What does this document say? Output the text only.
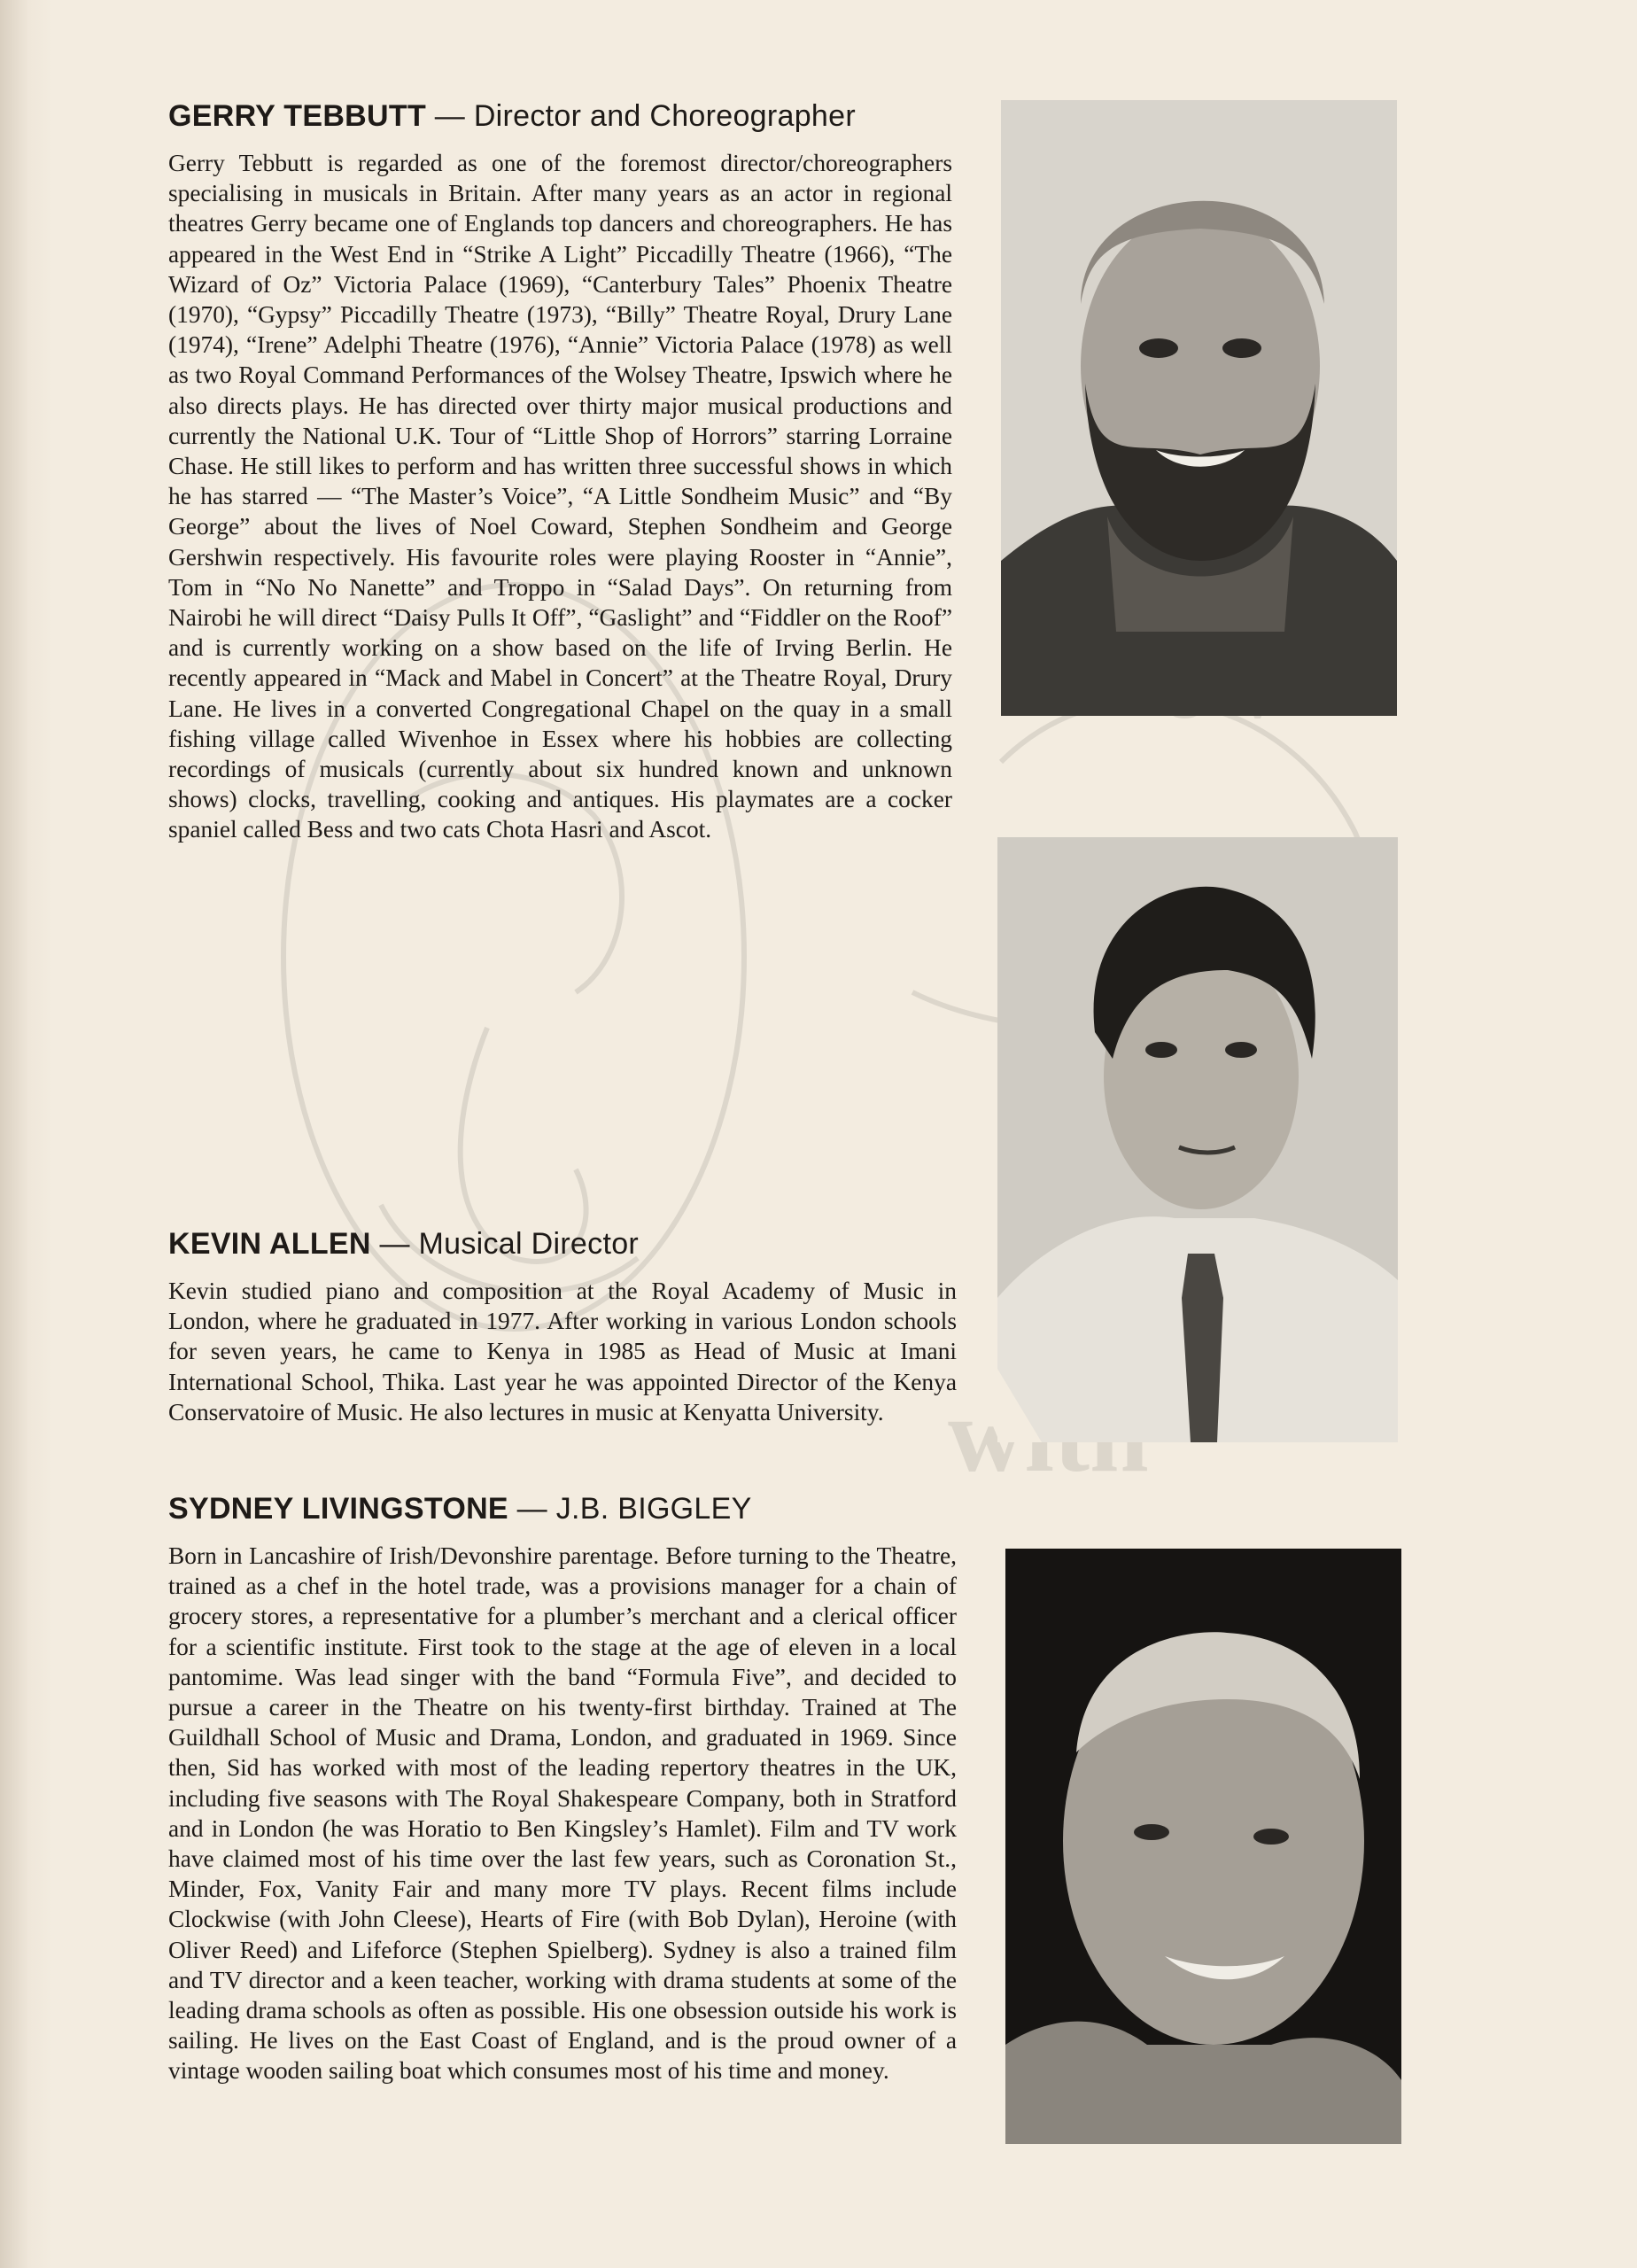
GERRY TEBBUTT — Director and Choreographer

Gerry Tebbutt is regarded as one of the foremost director/choreographers specialising in musicals in Britain. After many years as an actor in regional theatres Gerry became one of Englands top dancers and choreographers. He has appeared in the West End in “Strike A Light” Piccadilly Theatre (1966), “The Wizard of Oz” Victoria Palace (1969), “Canterbury Tales” Phoenix Theatre (1970), “Gypsy” Piccadilly Theatre (1973), “Billy” Theatre Royal, Drury Lane (1974), “Irene” Adelphi Theatre (1976), “Annie” Victoria Palace (1978) as well as two Royal Command Performances of the Wolsey Theatre, Ipswich where he also directs plays. He has directed over thirty major musical productions and currently the National U.K. Tour of “Little Shop of Horrors” starring Lorraine Chase. He still likes to perform and has written three successful shows in which he has starred — “The Master’s Voice”, “A Little Sondheim Music” and “By George” about the lives of Noel Coward, Stephen Sondheim and George Gershwin respectively. His favourite roles were playing Rooster in “Annie”, Tom in “No No Nanette” and Troppo in “Salad Days”. On returning from Nairobi he will direct “Daisy Pulls It Off”, “Gaslight” and “Fiddler on the Roof” and is currently working on a show based on the life of Irving Berlin. He recently appeared in “Mack and Mabel in Concert” at the Theatre Royal, Drury Lane. He lives in a converted Congregational Chapel on the quay in a small fishing village called Wivenhoe in Essex where his hobbies are collecting recordings of musicals (currently about six hundred known and unknown shows) clocks, travelling, cooking and antiques. His playmates are a cocker spaniel called Bess and two cats Chota Hasri and Ascot.

KEVIN ALLEN — Musical Director

Kevin studied piano and composition at the Royal Academy of Music in London, where he graduated in 1977. After working in various London schools for seven years, he came to Kenya in 1985 as Head of Music at Imani International School, Thika. Last year he was appointed Director of the Kenya Conservatoire of Music. He also lectures in music at Kenyatta University.

SYDNEY LIVINGSTONE — J.B. BIGGLEY

Born in Lancashire of Irish/Devonshire parentage. Before turning to the Theatre, trained as a chef in the hotel trade, was a provisions manager for a chain of grocery stores, a representative for a plumber’s merchant and a clerical officer for a scientific institute. First took to the stage at the age of eleven in a local pantomime. Was lead singer with the band “Formula Five”, and decided to pursue a career in the Theatre on his twenty-first birthday. Trained at The Guildhall School of Music and Drama, London, and graduated in 1969. Since then, Sid has worked with most of the leading repertory theatres in the UK, including five seasons with The Royal Shakespeare Company, both in Stratford and in London (he was Horatio to Ben Kingsley’s Hamlet). Film and TV work have claimed most of his time over the last few years, such as Coronation St., Minder, Fox, Vanity Fair and many more TV plays. Recent films include Clockwise (with John Cleese), Hearts of Fire (with Bob Dylan), Heroine (with Oliver Reed) and Lifeforce (Stephen Spielberg). Sydney is also a trained film and TV director and a keen teacher, working with drama students at some of the leading drama schools as often as possible. His one obsession outside his work is sailing. He lives on the East Coast of England, and is the proud owner of a vintage wooden sailing boat which consumes most of his time and money.
